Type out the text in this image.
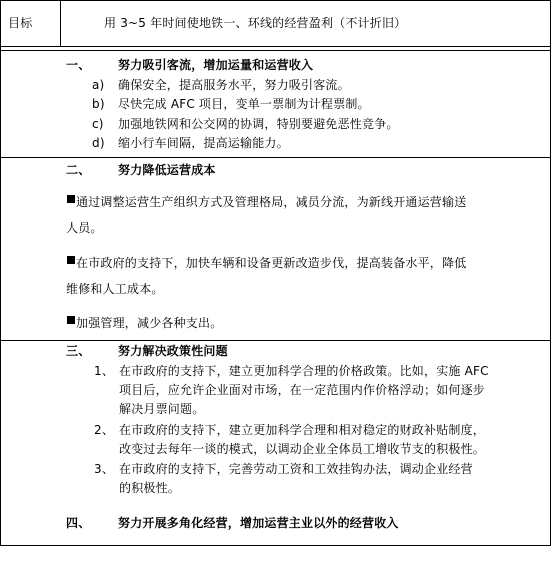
目标	用 3~5 年时间使地铁一、环线的经营盈利（不计折旧）
一、 努力吸引客流，增加运量和运营收入
a) 确保安全，提高服务水平，努力吸引客流。
b) 尽快完成 AFC 项目，变单一票制为计程票制。
c) 加强地铁网和公交网的协调，特别要避免恶性竞争。
d) 缩小行车间隔，提高运输能力。
二、 努力降低运营成本
通过调整运营生产组织方式及管理格局，减员分流，为新线开通运营输送
人员。
在市政府的支持下，加快车辆和设备更新改造步伐，提高装备水平，降低
维修和人工成本。
加强管理，减少各种支出。
三、 努力解决政策性问题
1、 在市政府的支持下，建立更加科学合理的价格政策。比如，实施 AFC
项目后，应允许企业面对市场，在一定范围内作价格浮动；如何逐步
解决月票问题。
2、 在市政府的支持下，建立更加科学合理和相对稳定的财政补贴制度，
改变过去每年一谈的模式，以调动企业全体员工增收节支的积极性。
3、 在市政府的支持下，完善劳动工资和工效挂钩办法，调动企业经营
的积极性。
四、 努力开展多角化经营，增加运营主业以外的经营收入
